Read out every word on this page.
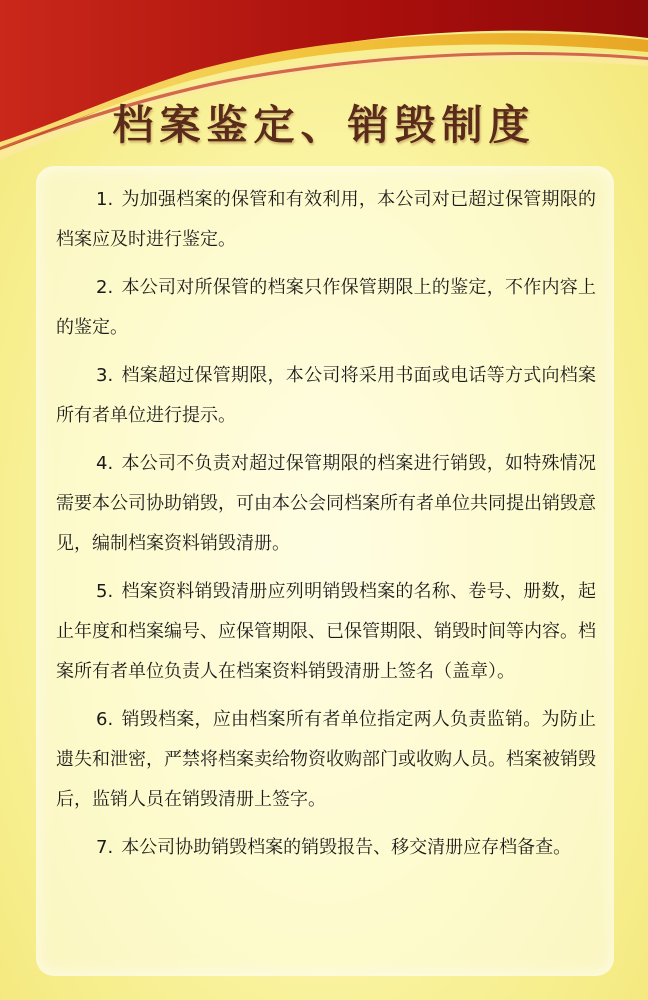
档案鉴定、销毁制度
1. 为加强档案的保管和有效利用，本公司对已超过保管期限的档案应及时进行鉴定。
2. 本公司对所保管的档案只作保管期限上的鉴定，不作内容上的鉴定。
3. 档案超过保管期限，本公司将采用书面或电话等方式向档案所有者单位进行提示。
4. 本公司不负责对超过保管期限的档案进行销毁，如特殊情况需要本公司协助销毁，可由本公会同档案所有者单位共同提出销毁意见，编制档案资料销毁清册。
5. 档案资料销毁清册应列明销毁档案的名称、卷号、册数，起止年度和档案编号、应保管期限、已保管期限、销毁时间等内容。档案所有者单位负责人在档案资料销毁清册上签名（盖章）。
6. 销毁档案，应由档案所有者单位指定两人负责监销。为防止遗失和泄密，严禁将档案卖给物资收购部门或收购人员。档案被销毁后，监销人员在销毁清册上签字。
7. 本公司协助销毁档案的销毁报告、移交清册应存档备查。
